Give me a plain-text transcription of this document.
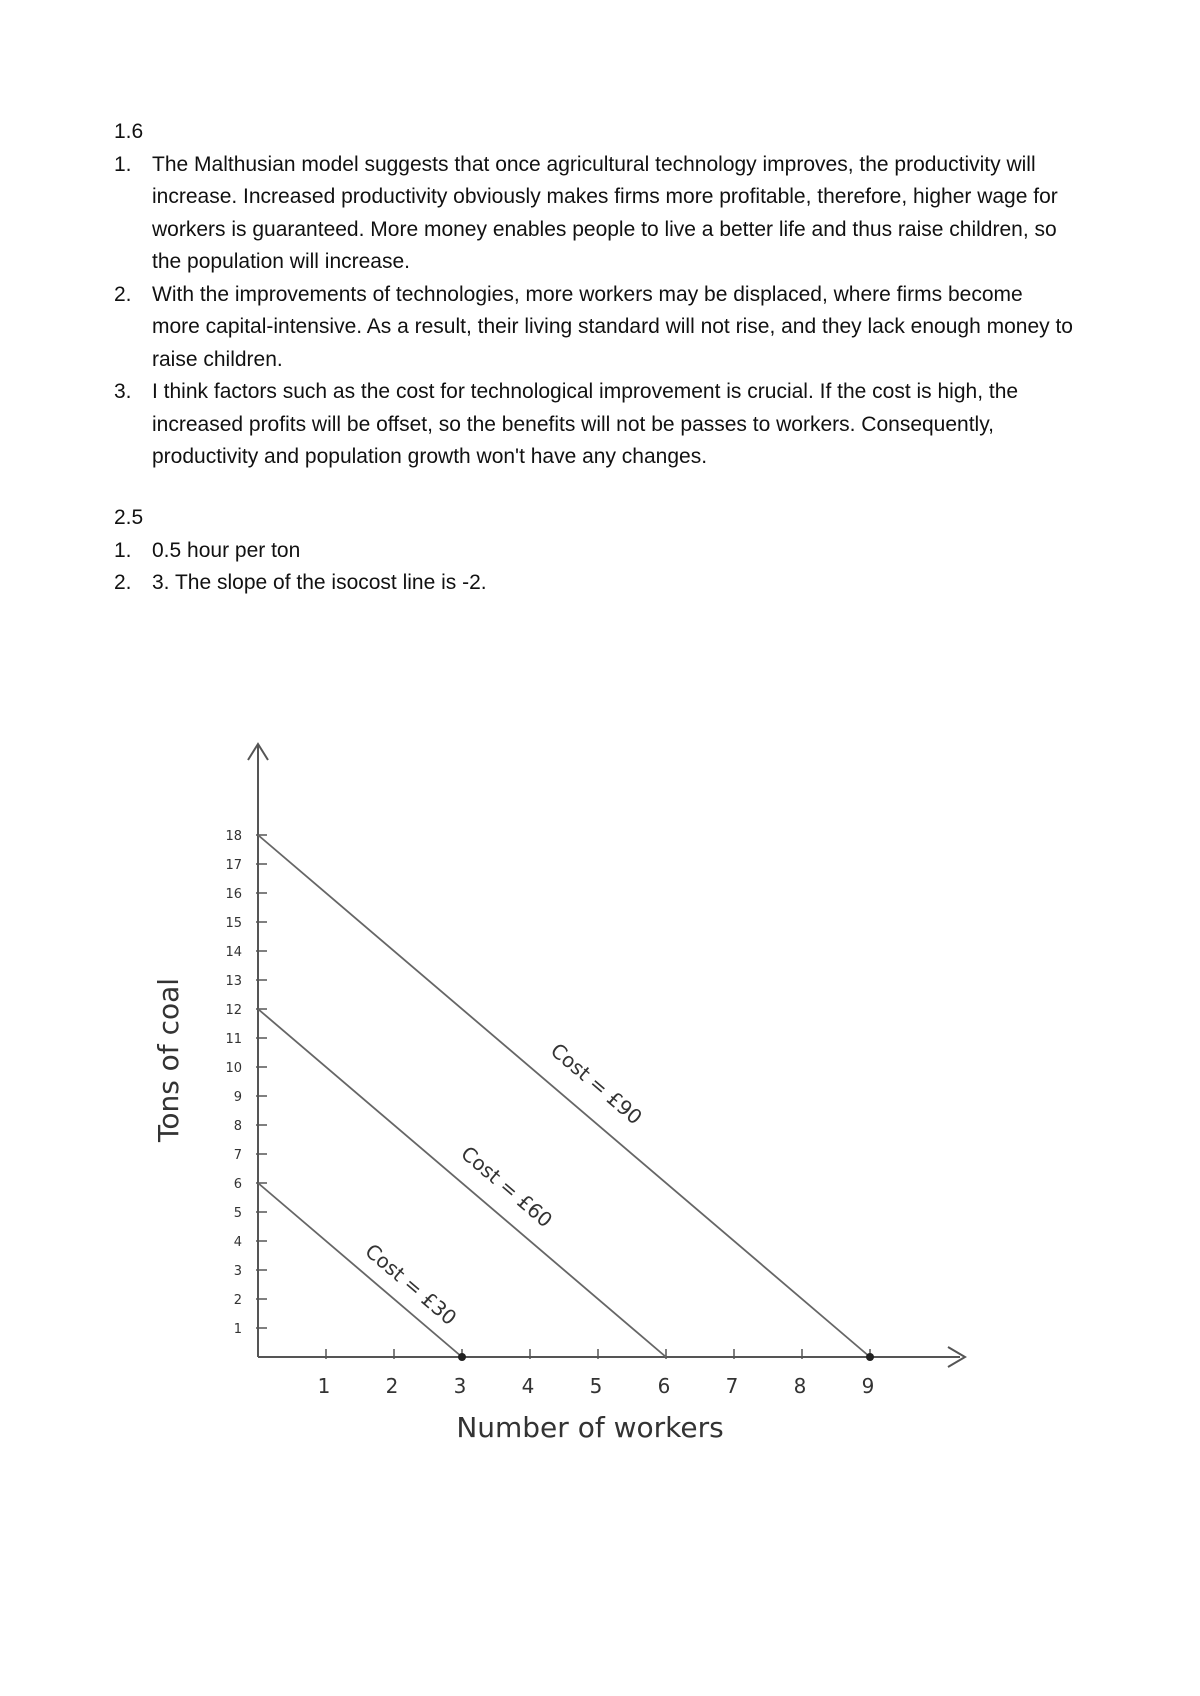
1.6
1. The Malthusian model suggests that once agricultural technology improves, the productivity will increase. Increased productivity obviously makes firms more profitable, therefore, higher wage for workers is guaranteed. More money enables people to live a better life and thus raise children, so the population will increase.
2. With the improvements of technologies, more workers may be displaced, where firms become more capital-intensive. As a result, their living standard will not rise, and they lack enough money to raise children.
3. I think factors such as the cost for technological improvement is crucial. If the cost is high, the increased profits will be offset, so the benefits will not be passes to workers. Consequently, productivity and population growth won't have any changes.
2.5
1. 0.5 hour per ton
2. 3. The slope of the isocost line is -2.
1	2	3	4	5	6	7	8	9
1
2
3
4
5
6
7
8
9
10
11
12
13
14
15
16
17
18
Cost = £30
Cost = £60
Cost = £90
Number of workers
Tons of coal
